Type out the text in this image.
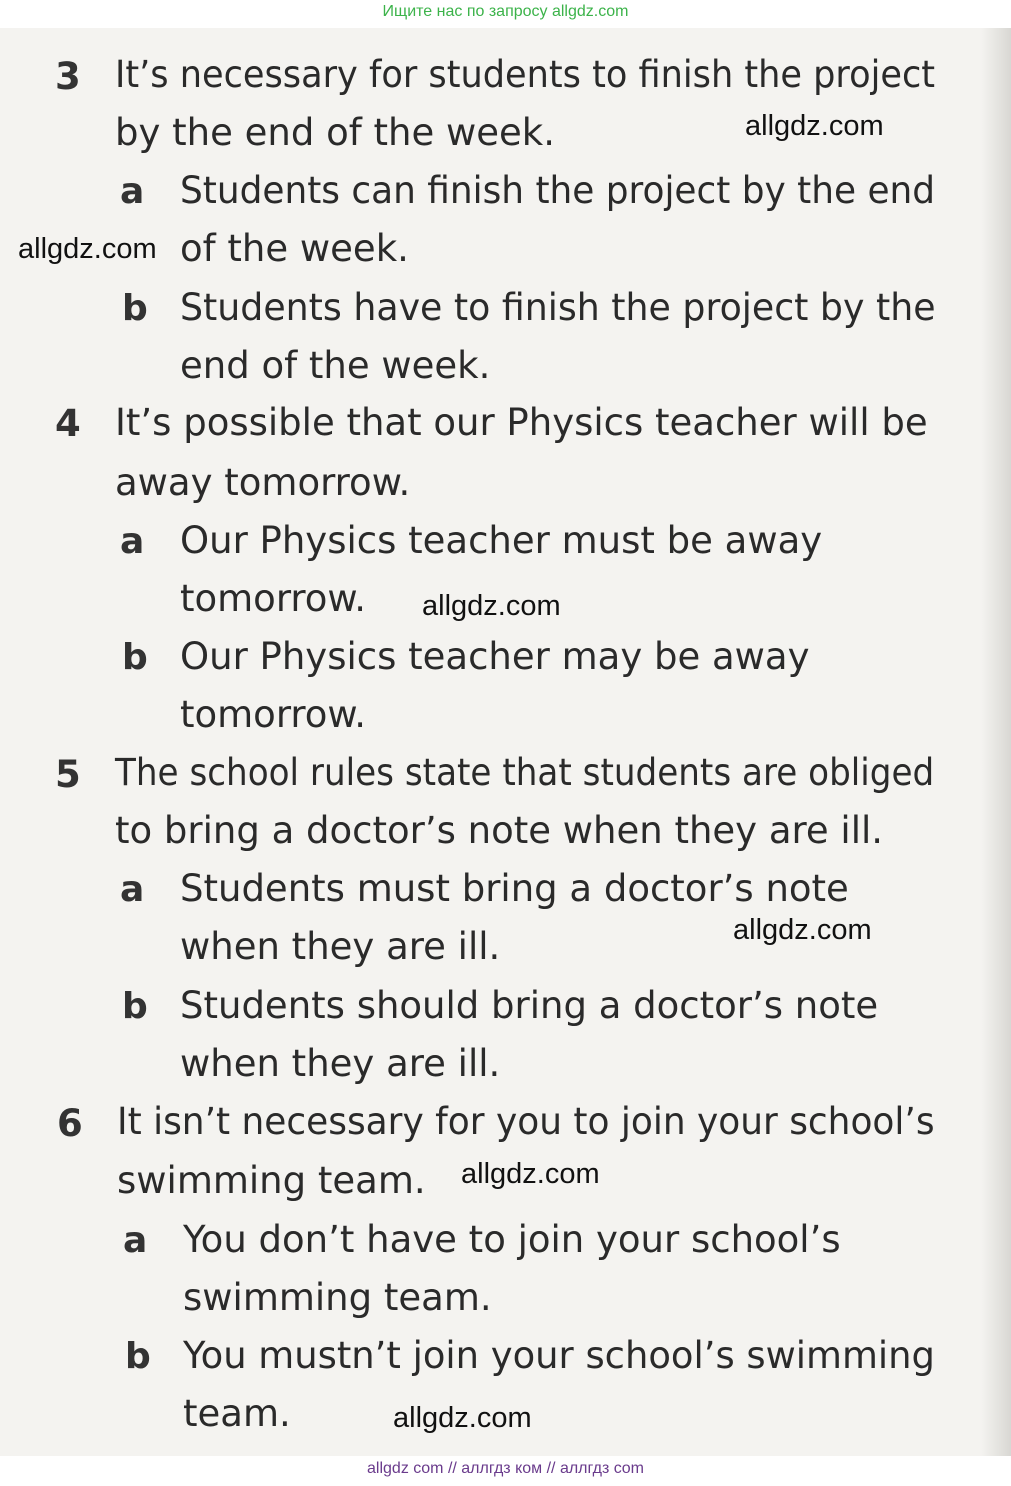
Ищите нас по запросу allgdz.com
3 It’s necessary for students to finish the project
by the end of the week.
a Students can finish the project by the end
of the week.
b Students have to finish the project by the
end of the week.
4 It’s possible that our Physics teacher will be
away tomorrow.
a Our Physics teacher must be away
tomorrow.
b Our Physics teacher may be away
tomorrow.
5 The school rules state that students are obliged
to bring a doctor’s note when they are ill.
a Students must bring a doctor’s note
when they are ill.
b Students should bring a doctor’s note
when they are ill.
6 It isn’t necessary for you to join your school’s
swimming team.
a You don’t have to join your school’s
swimming team.
b You mustn’t join your school’s swimming
team.
allgdz.com
allgdz.com
allgdz.com
allgdz.com
allgdz.com
allgdz.com
allgdz com // аллгдз ком // аллгдз com
